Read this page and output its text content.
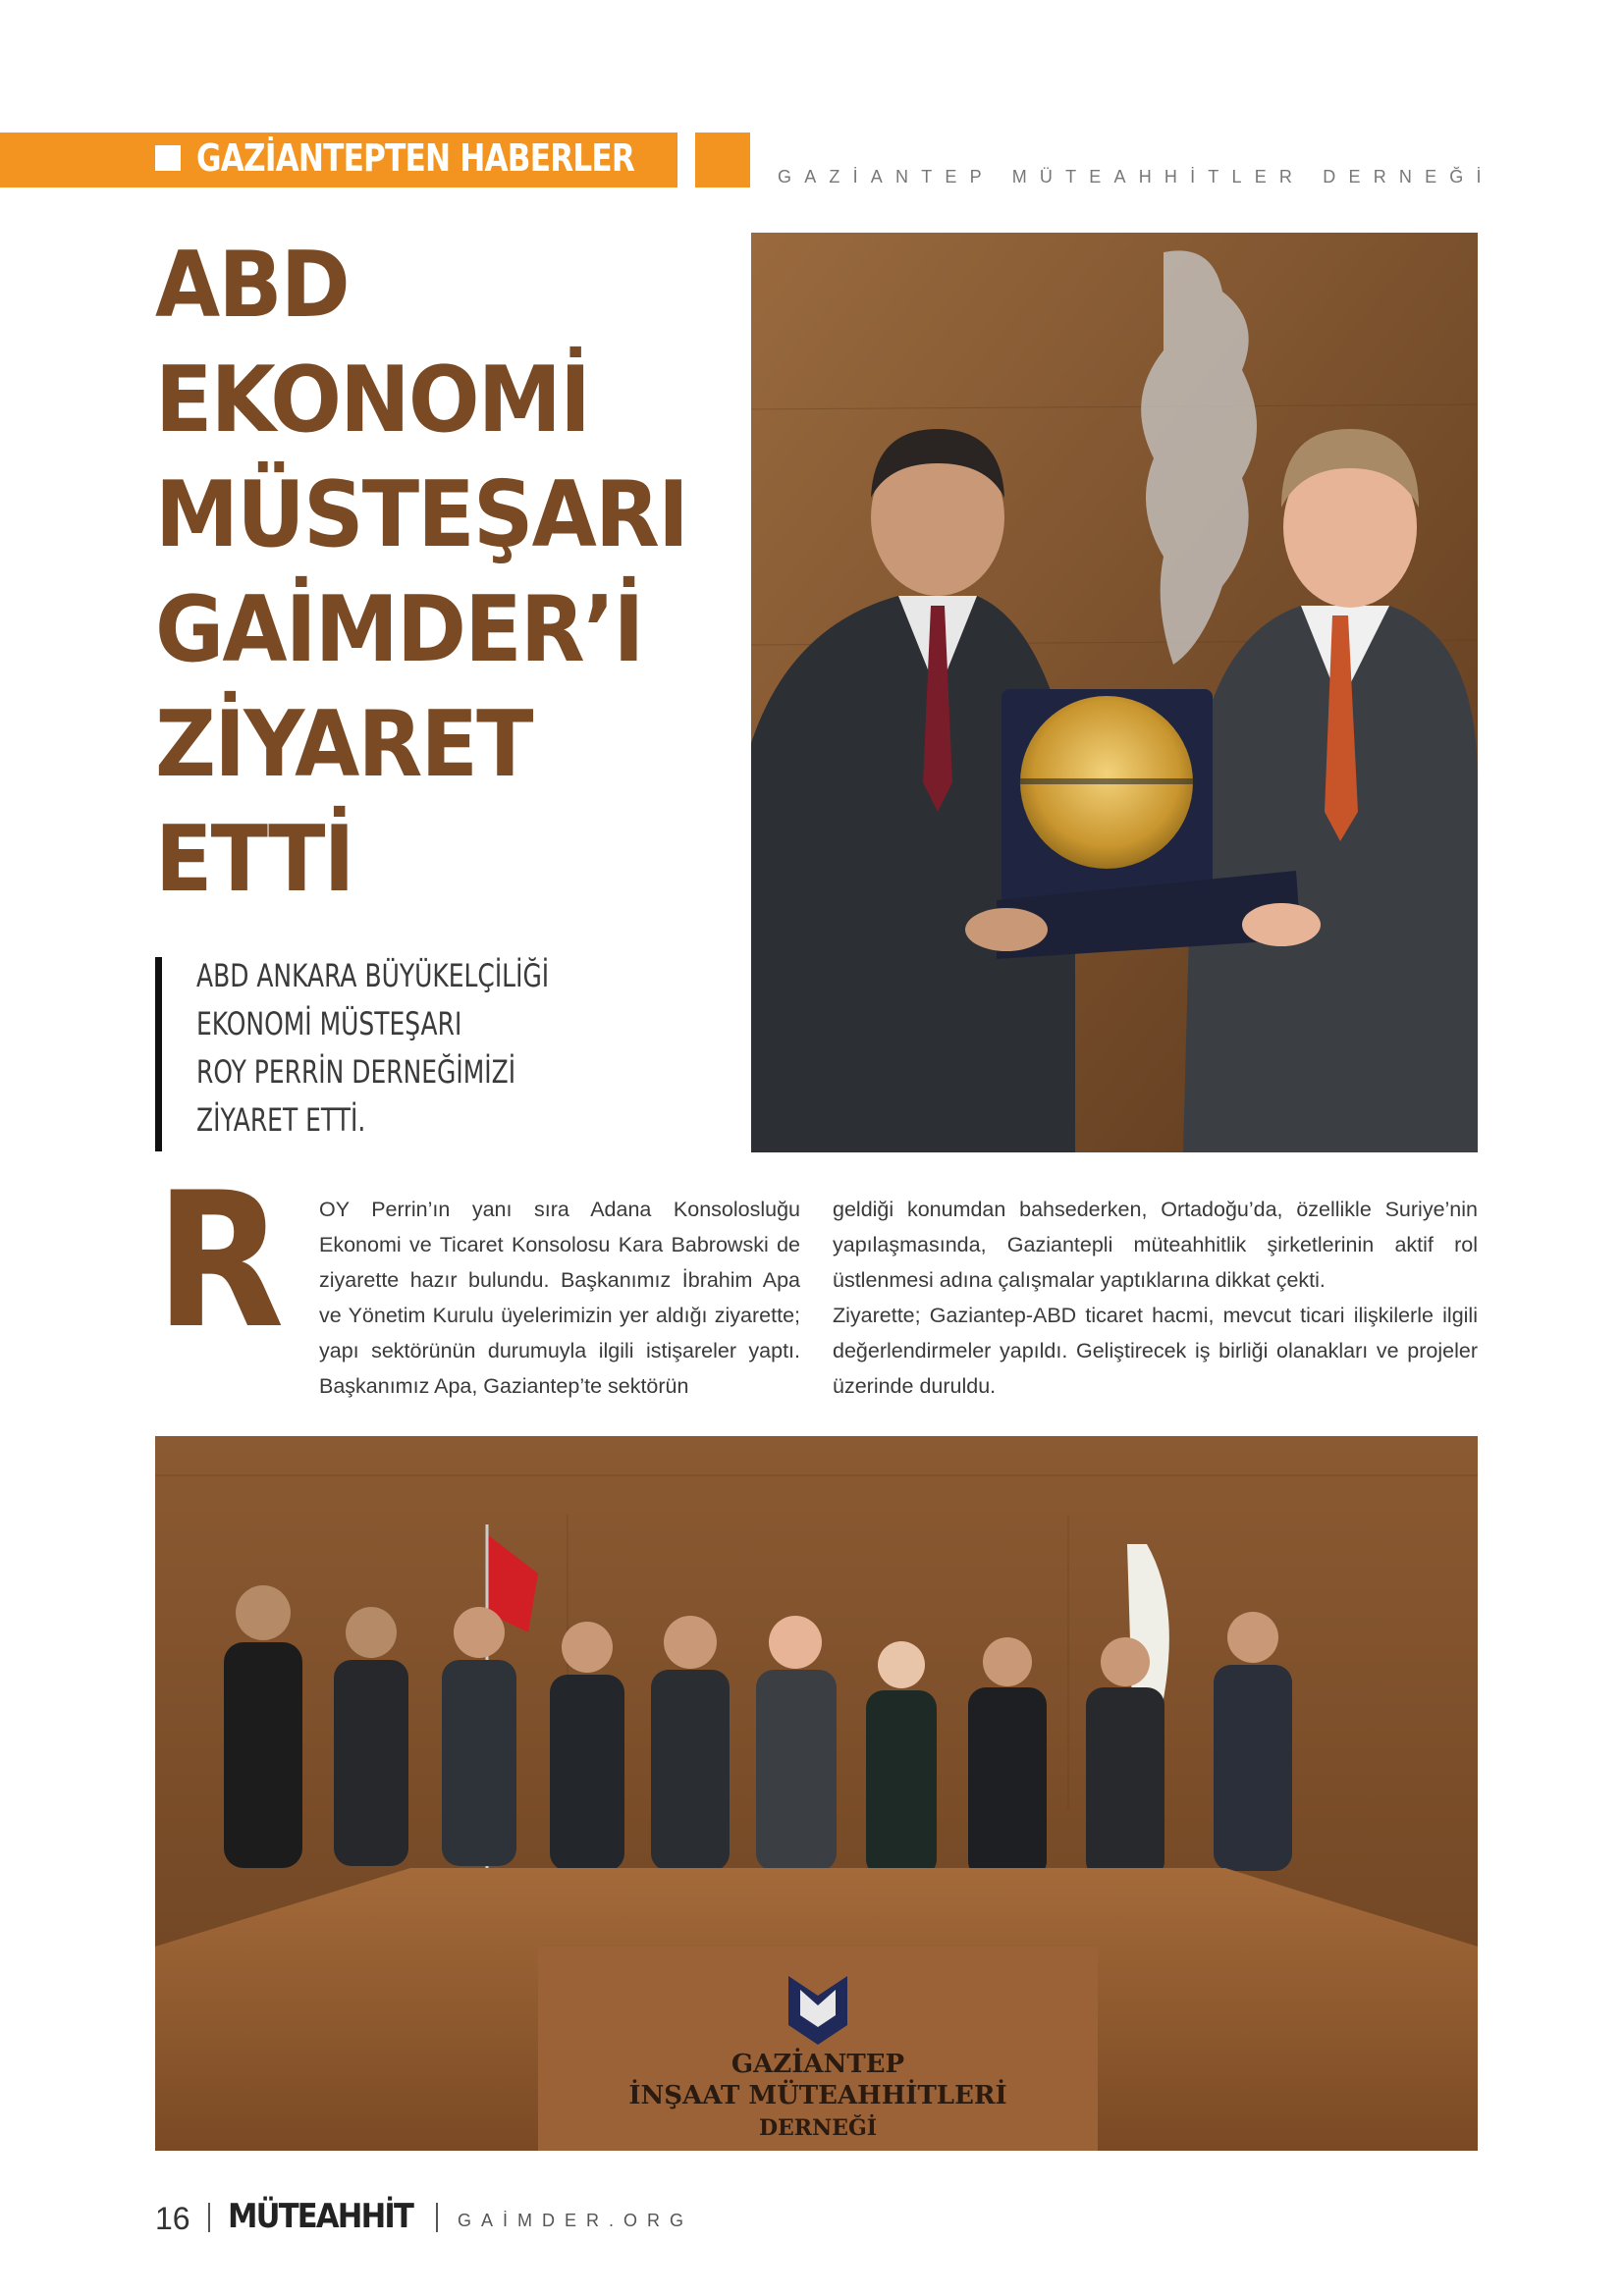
GAZİANTEPTEN HABERLER	GAZİANTEP MÜTEAHHİTLER DERNEĞİ
ABD
EKONOMİ
MÜSTEŞARI
GAİMDER’İ
ZİYARET
ETTİ
ABD ANKARA BÜYÜKELÇİLİĞİ
EKONOMİ MÜSTEŞARI
ROY PERRİN DERNEĞİMİZİ
ZİYARET ETTİ.
R OY Perrin’ın yanı sıra Adana Konsolosluğu Ekonomi ve Ticaret Konsolosu Kara Babrowski de ziyarette hazır bulundu. Başkanımız İbrahim Apa ve Yönetim Kurulu üyelerimizin yer aldığı ziyarette; yapı sektörünün durumuyla ilgili istişareler yaptı. Başkanımız Apa, Gaziantep’te sektörün

geldiği konumdan bahsederken, Ortadoğu’da, özellikle Suriye’nin yapılaşmasında, Gaziantepli müteahhitlik şirketlerinin aktif rol üstlenmesi adına çalışmalar yaptıklarına dikkat çekti.

Ziyarette; Gaziantep-ABD ticaret hacmi, mevcut ticari ilişkilerle ilgili değerlendirmeler yapıldı. Geliştirecek iş birliği olanakları ve projeler üzerinde duruldu.

GAZİANTEP
İNŞAAT MÜTEAHHİTLERİ
DERNEĞİ
16 MÜTEAHHİT	GAİMDER.ORG
